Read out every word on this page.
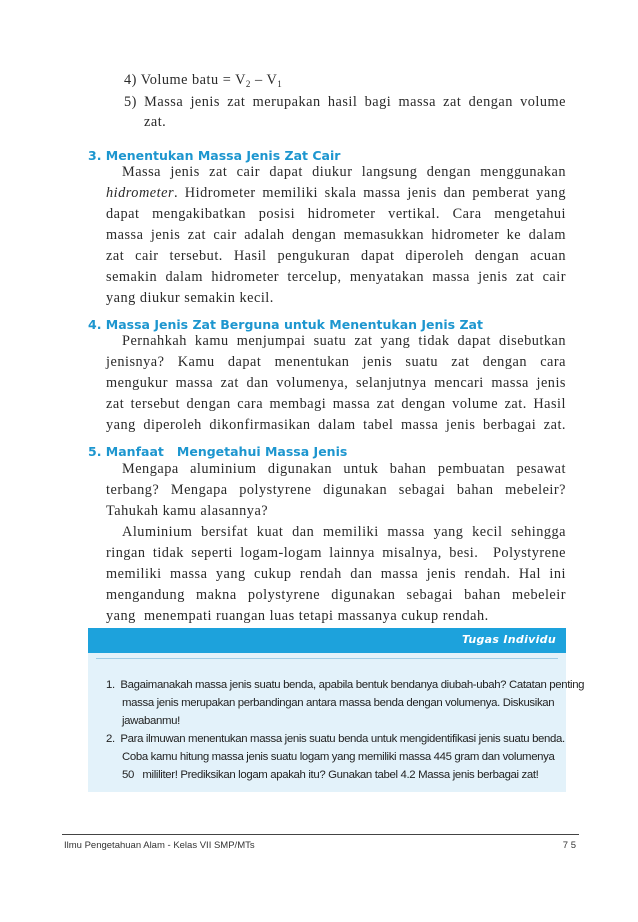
4) Volume batu = $V_2 - V_1$
5) Massa jenis zat merupakan hasil bagi massa zat dengan volume
zat.
3. Menentukan Massa Jenis Zat Cair
Massa jenis zat cair dapat diukur langsung dengan menggunakan
hidrometer. Hidrometer memiliki skala massa jenis dan pemberat yang
dapat mengakibatkan posisi hidrometer vertikal. Cara mengetahui
massa jenis zat cair adalah dengan memasukkan hidrometer ke dalam
zat cair tersebut. Hasil pengukuran dapat diperoleh dengan acuan
semakin dalam hidrometer tercelup, menyatakan massa jenis zat cair
yang diukur semakin kecil.
4. Massa Jenis Zat Berguna untuk Menentukan Jenis Zat
Pernahkah kamu menjumpai suatu zat yang tidak dapat disebutkan
jenisnya? Kamu dapat menentukan jenis suatu zat dengan cara
mengukur massa zat dan volumenya, selanjutnya mencari massa jenis
zat tersebut dengan cara membagi massa zat dengan volume zat. Hasil
yang diperoleh dikonfirmasikan dalam tabel massa jenis berbagai zat.
5. Manfaat   Mengetahui Massa Jenis
Mengapa aluminium digunakan untuk bahan pembuatan pesawat
terbang? Mengapa polystyrene digunakan sebagai bahan mebeleir?
Tahukah kamu alasannya?
Aluminium bersifat kuat dan memiliki massa yang kecil sehingga
ringan tidak seperti logam-logam lainnya misalnya, besi.  Polystyrene
memiliki massa yang cukup rendah dan massa jenis rendah. Hal ini
mengandung makna polystyrene digunakan sebagai bahan mebeleir
yang  menempati ruangan luas tetapi massanya cukup rendah.
Tugas Individu
1.  Bagaimanakah massa jenis suatu benda, apabila bentuk bendanya diubah-ubah? Catatan penting
massa jenis merupakan perbandingan antara massa benda dengan volumenya. Diskusikan
jawabanmu!
2.  Para ilmuwan menentukan massa jenis suatu benda untuk mengidentifikasi jenis suatu benda.
Coba kamu hitung massa jenis suatu logam yang memiliki massa 445 gram dan volumenya
50   mililiter! Prediksikan logam apakah itu? Gunakan tabel 4.2 Massa jenis berbagai zat!
Ilmu Pengetahuan Alam - Kelas VII SMP/MTs	7 5
